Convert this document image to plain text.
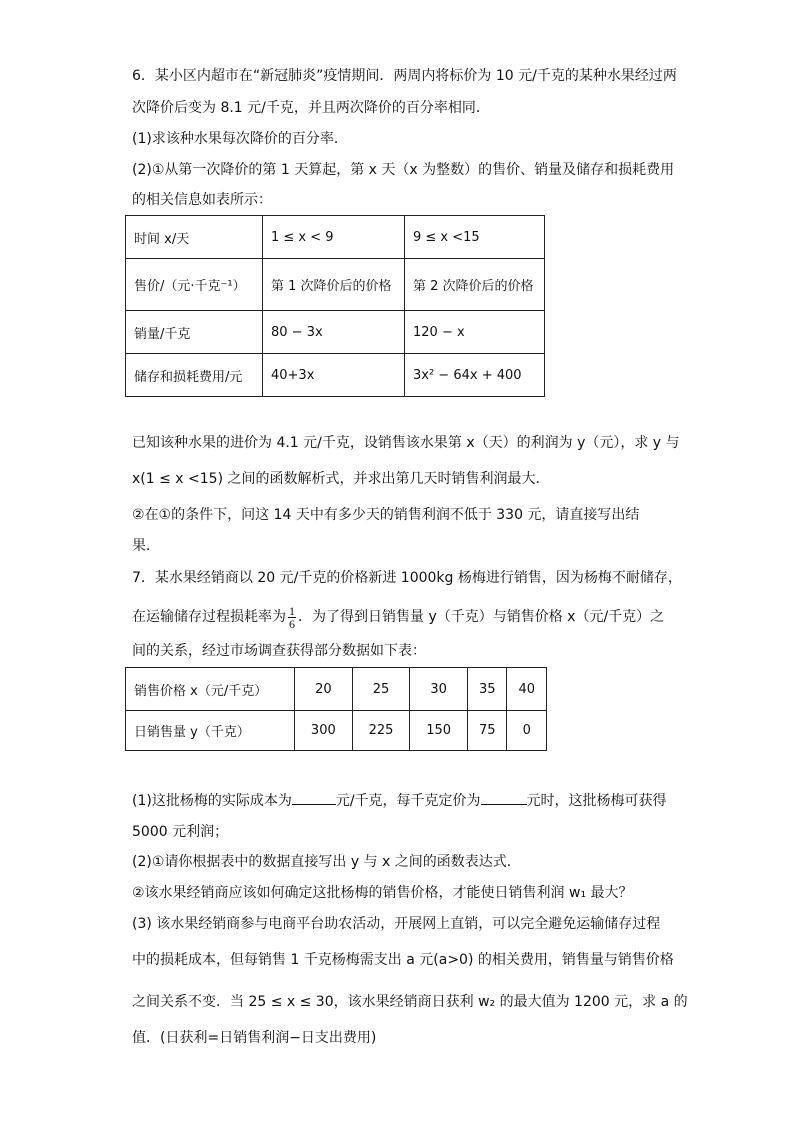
6．某小区内超市在“新冠肺炎”疫情期间．两周内将标价为 10 元/千克的某种水果经过两
次降价后变为 8.1 元/千克，并且两次降价的百分率相同．
(1)求该种水果每次降价的百分率．
(2)①从第一次降价的第 1 天算起，第 x 天（x 为整数）的售价、销量及储存和损耗费用
的相关信息如表所示：
时间 x/天	1 ≤ x < 9	9 ≤ x <15
售价/（元·千克⁻¹）	第 1 次降价后的价格	第 2 次降价后的价格
销量/千克	80 − 3x	120 − x
储存和损耗费用/元	40+3x	3x² − 64x + 400
已知该种水果的进价为 4.1 元/千克，设销售该水果第 x（天）的利润为 y（元），求 y 与
x(1 ≤ x <15) 之间的函数解析式，并求出第几天时销售利润最大．
②在①的条件下，问这 14 天中有多少天的销售利润不低于 330 元，请直接写出结
果．
7．某水果经销商以 20 元/千克的价格新进 1000kg 杨梅进行销售，因为杨梅不耐储存，
在运输储存过程损耗率为 $\frac{1}{6}$ ．为了得到日销售量 y（千克）与销售价格 x（元/千克）之
间的关系，经过市场调查获得部分数据如下表：
销售价格 x（元/千克）	20	25	30	35	40
日销售量 y（千克）	300	225	150	75	0
(1)这批杨梅的实际成本为	元/千克，每千克定价为	元时，这批杨梅可获得
5000 元利润；
(2)①请你根据表中的数据直接写出 y 与 x 之间的函数表达式．
②该水果经销商应该如何确定这批杨梅的销售价格，才能使日销售利润 w₁ 最大？
(3) 该水果经销商参与电商平台助农活动，开展网上直销，可以完全避免运输储存过程
中的损耗成本，但每销售 1 千克杨梅需支出 a 元(a>0) 的相关费用，销售量与销售价格
之间关系不变．当 25 ≤ x ≤ 30，该水果经销商日获利 w₂ 的最大值为 1200 元，求 a 的
值．(日获利=日销售利润−日支出费用)
